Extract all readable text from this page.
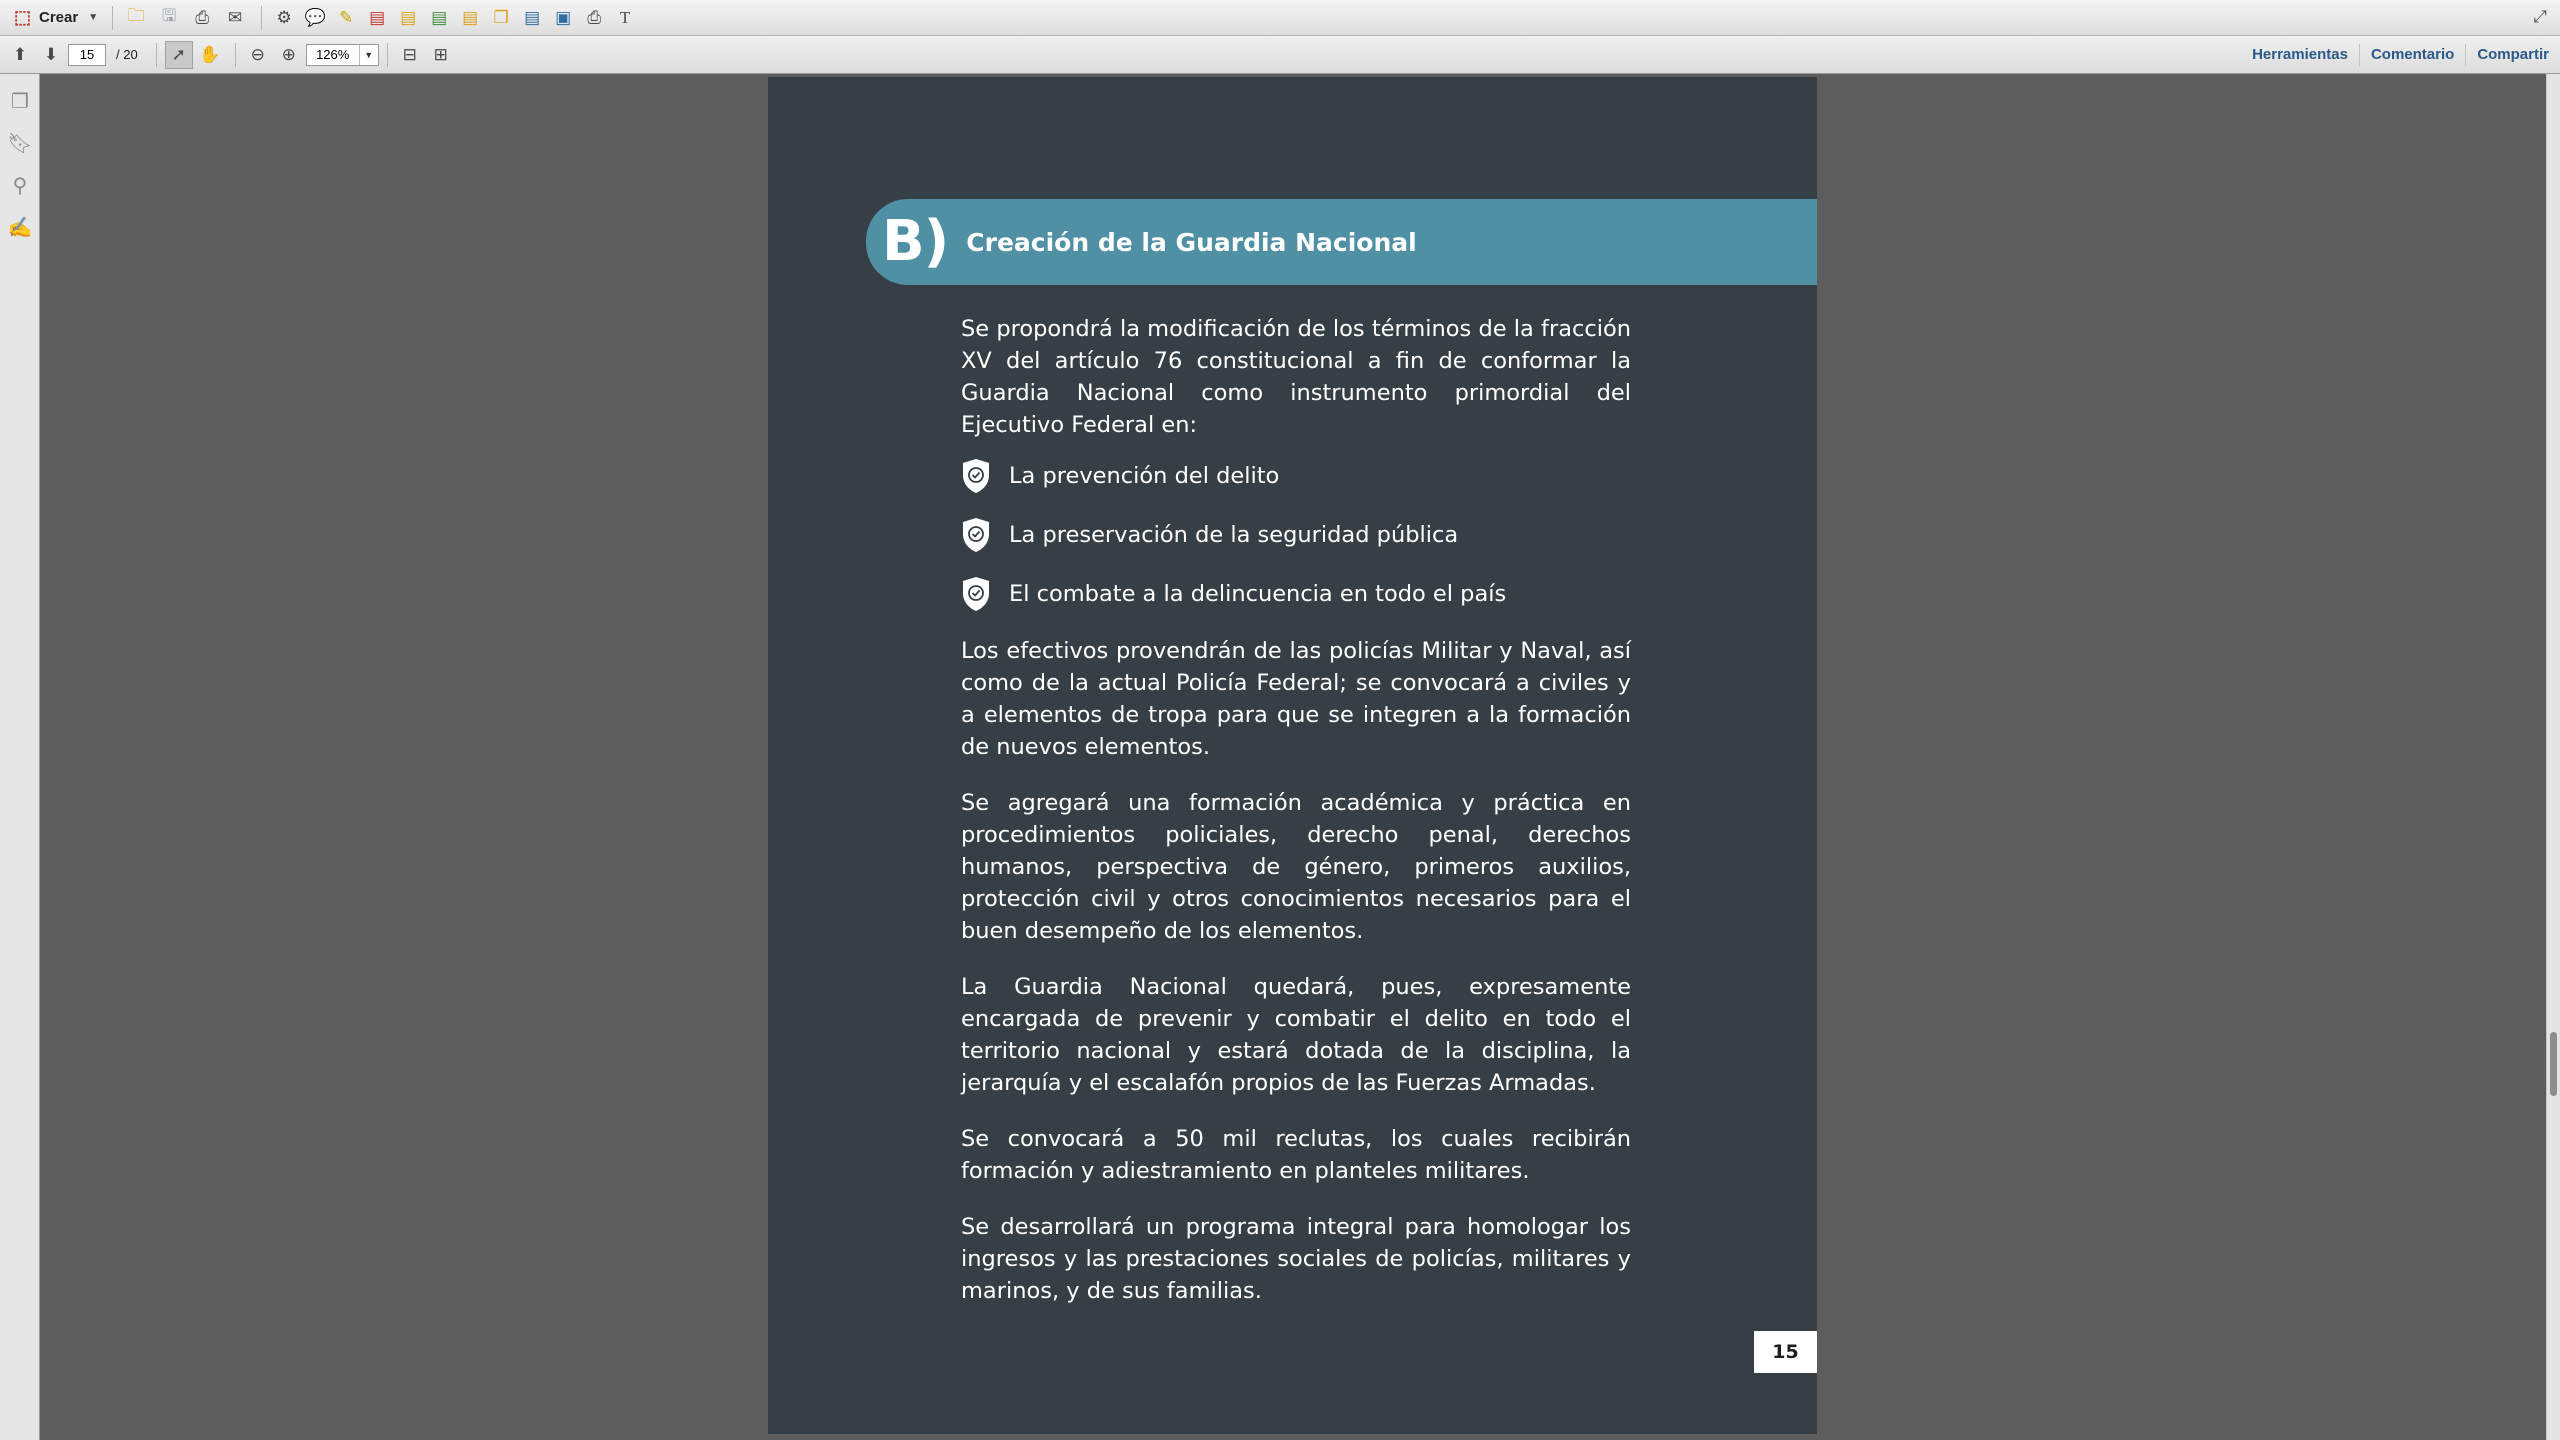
⬚ Crear ▼ 🗀 🖫 ⎙ ✉ ⚙ 💬 ✎ ▤ ▤ ▤ ▤ ❐ ▤ ▣ ⎙ T	⤢
⬆ ⬇
15	/ 20 ➚ ✋ ⊖ ⊕
126%	▼ ⊟ ⊞	Herramientas	Comentario	Compartir
❐
🔖︎
⚲
✍	B) Creación de la Guardia Nacional

Se propondrá la modificación de los términos de la fracción XV del artículo 76 constitucional a fin de conformar la Guardia Nacional como instrumento primordial del Ejecutivo Federal en:

La prevención del delito
La preservación de la seguridad pública
El combate a la delincuencia en todo el país

Los efectivos provendrán de las policías Militar y Naval, así como de la actual Policía Federal; se convocará a civiles y a elementos de tropa para que se integren a la formación de nuevos elementos.

Se agregará una formación académica y práctica en procedimientos policiales, derecho penal, derechos humanos, perspectiva de género, primeros auxilios, protección civil y otros conocimientos necesarios para el buen desempeño de los elementos.

La Guardia Nacional quedará, pues, expresamente encargada de prevenir y combatir el delito en todo el territorio nacional y estará dotada de la disciplina, la jerarquía y el escalafón propios de las Fuerzas Armadas.

Se convocará a 50 mil reclutas, los cuales recibirán formación y adiestramiento en planteles militares.

Se desarrollará un programa integral para homologar los ingresos y las prestaciones sociales de policías, militares y marinos, y de sus familias.

15
